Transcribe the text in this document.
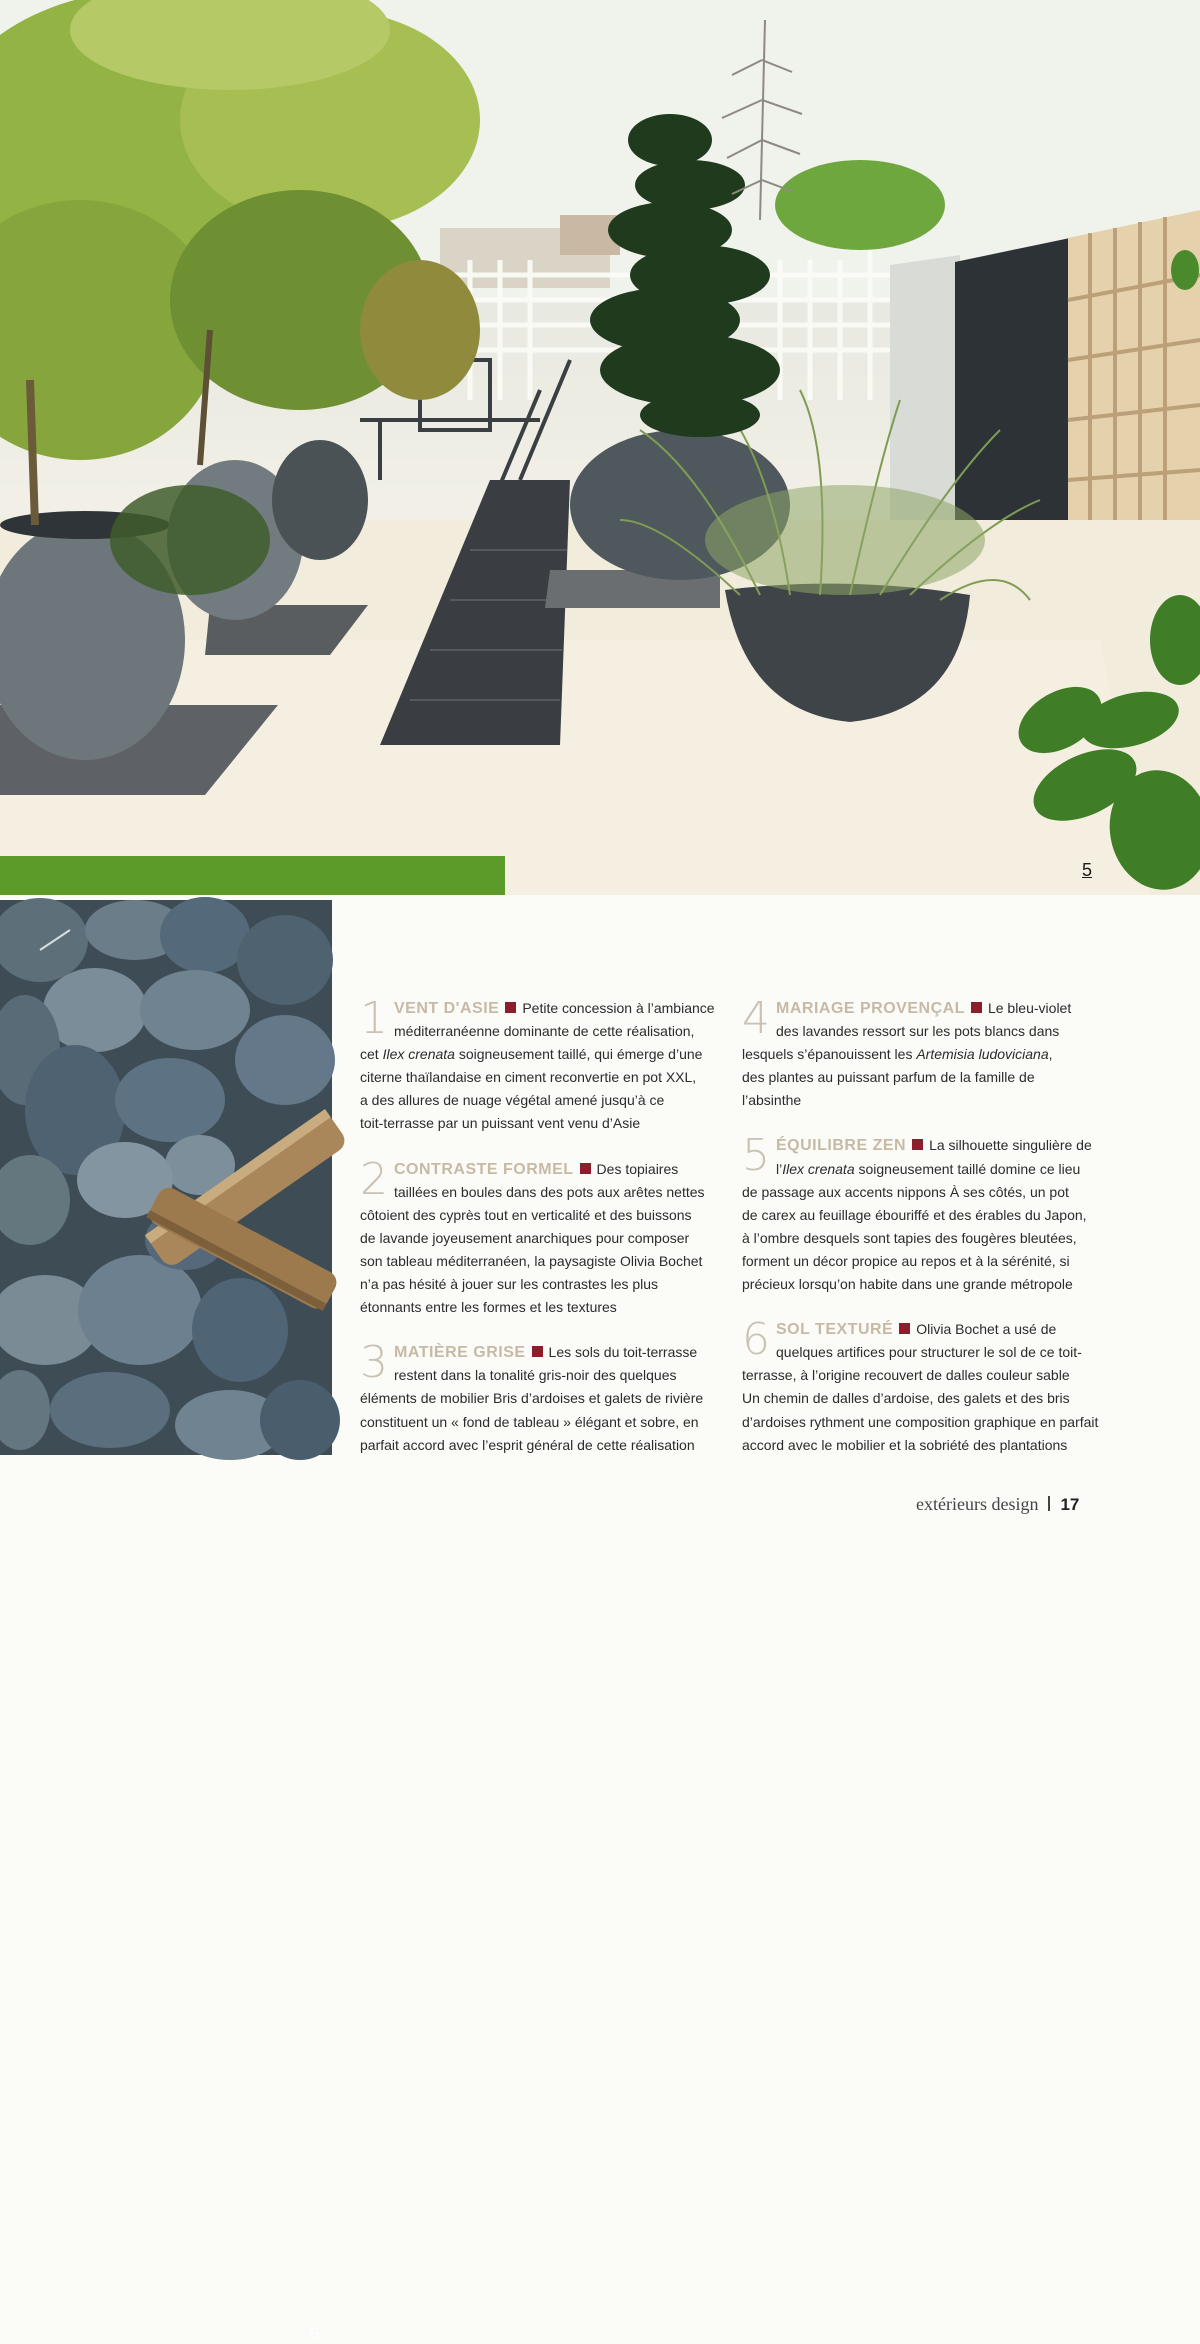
5
6
1 VENT D'ASIE Petite concession à l’ambiance
méditerranéenne dominante de cette réalisation,
cet Ilex crenata soigneusement taillé, qui émerge d’une
citerne thaïlandaise en ciment reconvertie en pot XXL,
a des allures de nuage végétal amené jusqu’à ce
toit-terrasse par un puissant vent venu d’Asie
2 CONTRASTE FORMEL Des topiaires
taillées en boules dans des pots aux arêtes nettes
côtoient des cyprès tout en verticalité et des buissons
de lavande joyeusement anarchiques pour composer
son tableau méditerranéen, la paysagiste Olivia Bochet
n’a pas hésité à jouer sur les contrastes les plus
étonnants entre les formes et les textures
3 MATIÈRE GRISE Les sols du toit-terrasse
restent dans la tonalité gris-noir des quelques
éléments de mobilier Bris d’ardoises et galets de rivière
constituent un « fond de tableau » élégant et sobre, en
parfait accord avec l’esprit général de cette réalisation
4 MARIAGE PROVENÇAL Le bleu-violet
des lavandes ressort sur les pots blancs dans
lesquels s’épanouissent les Artemisia ludoviciana,
des plantes au puissant parfum de la famille de
l’absinthe
5 ÉQUILIBRE ZEN La silhouette singulière de
l’Ilex crenata soigneusement taillé domine ce lieu
de passage aux accents nippons À ses côtés, un pot
de carex au feuillage ébouriffé et des érables du Japon,
à l’ombre desquels sont tapies des fougères bleutées,
forment un décor propice au repos et à la sérénité, si
précieux lorsqu’on habite dans une grande métropole
6 SOL TEXTURÉ Olivia Bochet a usé de
quelques artifices pour structurer le sol de ce toit-
terrasse, à l’origine recouvert de dalles couleur sable
Un chemin de dalles d’ardoise, des galets et des bris
d’ardoises rythment une composition graphique en parfait
accord avec le mobilier et la sobriété des plantations
extérieurs design 17
